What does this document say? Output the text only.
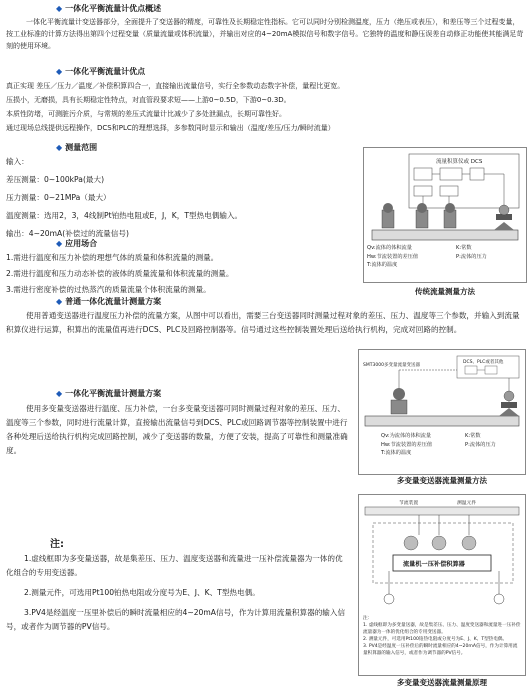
◆ 一体化平衡流量计优点概述
一体化平衡流量计变送器部分，全面提升了变送器的精度，可靠性及长期稳定性指标。它可以同时分别检测温度，压力（绝压或表压），和差压等三个过程变量，按工业标准的计算方法得出第四个过程变量（质量流量或体积流量），并输出对应的4~20mA模拟信号和数字信号。它独特的温度和静压误差自动修正功能使其能满足苛刻的使用环境。
◆ 一体化平衡流量计优点
真正实现 差压／压力／温度／补偿积算四合一，直接输出流量信号，实行全参数动态数字补偿，量程比更宽。
压损小，无磨损，具有长期稳定性特点，对直管段要求短——上游0~0.5D，下游0~0.3D。
本质性防堵，可测脏污介质，与常规的差压式流量计比减少了多处泄漏点，长期可靠性好。
通过现场总线提供远程操作，DCS和PLC的理想选择，多参数同时显示和输出（温度/差压/压力/瞬时流量）
◆ 测量范围
输入：
差压测量：0~100kPa(最大)
压力测量：0~21MPa（最大）
温度测量：选用2，3，4线制Pt铂热电阻或E，J，K，T型热电偶输入。
输出：4~20mA(补偿过的流量信号)
◆ 应用场合
1.需进行温度和压力补偿的理想气体的质量和体积流量的测量。
2.需进行温度和压力动态补偿的液体的质量流量和体积流量的测量。
3.需进行密度补偿的过热蒸汽的质量流量个体积流量的测量。
◆ 普通一体化流量计测量方案
使用普通变送器进行温度压力补偿的流量方案，从图中可以看出，需要三台变送器同时测量过程对象的差压、压力、温度等三个参数，并输入到流量积算仪进行运算，积算出的流量值再进行DCS、PLC及回路控制器等。信号通过这些控制装置处理后送给执行机构，完成对回路的控制。
◆ 一体化平衡流量计测量方案
使用多变量变送器进行温度、压力补偿，一台多变量变送器可同时测量过程对象的差压、压力、温度等三个参数，同时进行流量计算，直接输出流量信号到DCS、PLC或回路调节器等控制装置中进行各种处理后送给执行机构完成回路控制，减少了变送器的数量，方便了安装，提高了可靠性和测量准确度。
注:
1.虚线框即为多变量送器，故是集差压、压力、温度变送器和流量进一压补偿流量器为一体的优化组合的专用变送器。
2.测量元件，可选用Pt100铂热电阻或分度号为E、J、K、T型热电偶。
3.PV4是经温度一压里补偿后的瞬时流量相应的4~20mA信号，作为计算用流量积算器的输入信号，或者作为调节器的PV信号。
流量积算仪或 DCS
Qv:流体的体积流量
Hw:节流装置的差压值
T:流体的温度
K:常数
P:流体的压力
传统流量测量方法
SMT3000多变量流量变送器
DCS、PLC或者其他
Qv:为流体的体积流量
Hw:节流装置的差压值
T:流体的温度
K:常数
P:流体的压力
多变量变送器流量测量方法
节流装置	测温元件
流量机一压补偿积算器
注：
1. 虚线框即为多变量送器，故是集差压、压力、温度变送器和流量进一压补偿流量器为一体的优化组合的专用变送器。
2. 测量元件，可选用Pt100铂热电阻或分度号为E、J、K、T型热电偶。
3. PV4是经温度一压补偿后的瞬时流量相应的4~20mA信号，作为计算用流量积算器的输入信号，或者作为调节器的PV信号。
多变量变送器流量测量原理
